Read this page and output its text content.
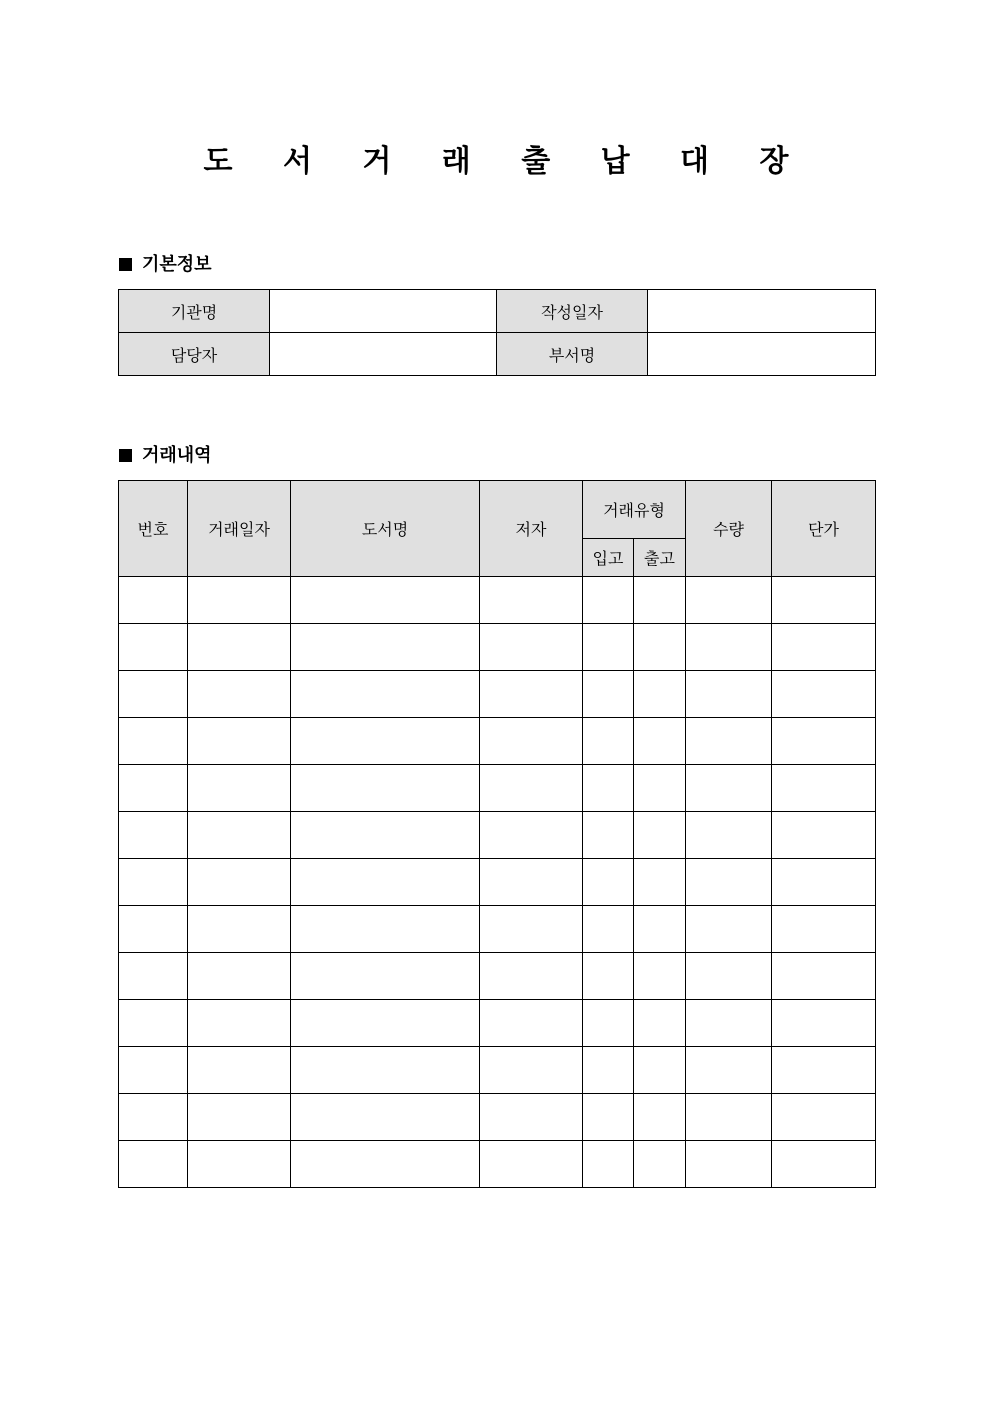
도 서 거 래 출 납 대 장
기본정보
기관명		작성일자	
담당자		부서명	
거래내역
번호	거래일자	도서명	저자	거래유형		수량	단가
				입고	출고		
